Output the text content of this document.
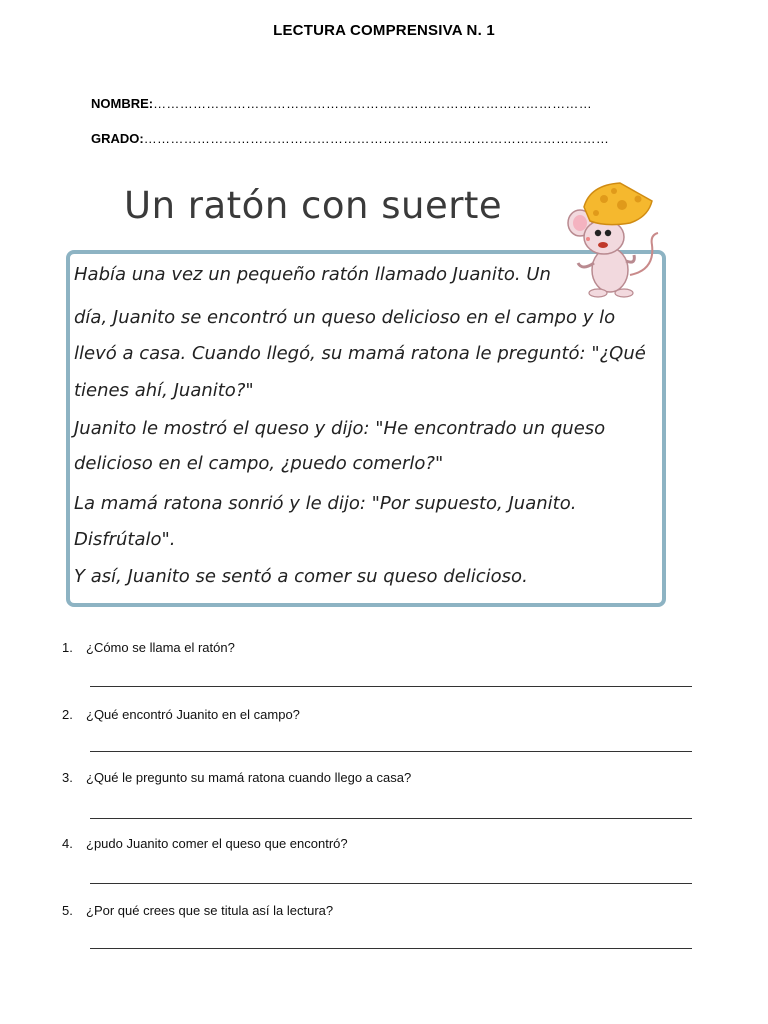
LECTURA COMPRENSIVA N. 1
NOMBRE:………………………………………………………………………………………
GRADO:……………………………………………………………………………………………
Un ratón con suerte
Había una vez un pequeño ratón llamado Juanito. Un
día, Juanito se encontró un queso delicioso en el campo y lo
llevó a casa. Cuando llegó, su mamá ratona le preguntó: "¿Qué
tienes ahí, Juanito?"
Juanito le mostró el queso y dijo: "He encontrado un queso
delicioso en el campo, ¿puedo comerlo?"
La mamá ratona sonrió y le dijo: "Por supuesto, Juanito.
Disfrútalo".
Y así, Juanito se sentó a comer su queso delicioso.
1. ¿Cómo se llama el ratón?
2. ¿Qué encontró Juanito en el campo?
3. ¿Qué le pregunto su mamá ratona cuando llego a casa?
4. ¿pudo Juanito comer el queso que encontró?
5. ¿Por qué crees que se titula así la lectura?
